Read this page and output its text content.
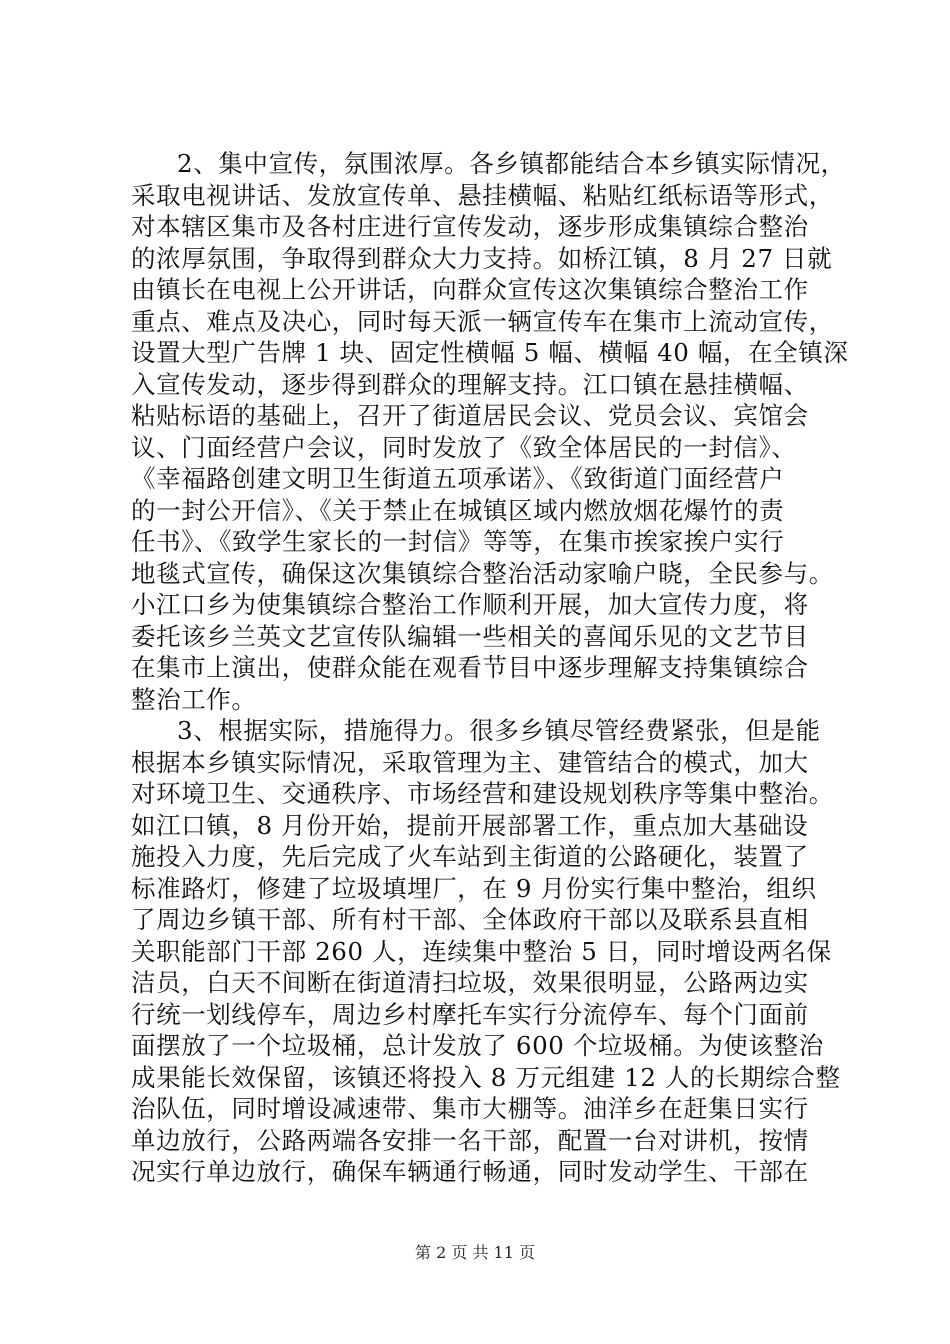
2、集中宣传，氛围浓厚。各乡镇都能结合本乡镇实际情况，
采取电视讲话、发放宣传单、悬挂横幅、粘贴红纸标语等形式，
对本辖区集市及各村庄进行宣传发动，逐步形成集镇综合整治
的浓厚氛围，争取得到群众大力支持。如桥江镇，8 月 27 日就
由镇长在电视上公开讲话，向群众宣传这次集镇综合整治工作
重点、难点及决心，同时每天派一辆宣传车在集市上流动宣传，
设置大型广告牌 1 块、固定性横幅 5 幅、横幅 40 幅，在全镇深
入宣传发动，逐步得到群众的理解支持。江口镇在悬挂横幅、
粘贴标语的基础上，召开了街道居民会议、党员会议、宾馆会
议、门面经营户会议，同时发放了《致全体居民的一封信》、
《幸福路创建文明卫生街道五项承诺》、《致街道门面经营户
的一封公开信》、《关于禁止在城镇区域内燃放烟花爆竹的责
任书》、《致学生家长的一封信》等等，在集市挨家挨户实行
地毯式宣传，确保这次集镇综合整治活动家喻户晓，全民参与。
小江口乡为使集镇综合整治工作顺利开展，加大宣传力度，将
委托该乡兰英文艺宣传队编辑一些相关的喜闻乐见的文艺节目
在集市上演出，使群众能在观看节目中逐步理解支持集镇综合
整治工作。
3、根据实际，措施得力。很多乡镇尽管经费紧张，但是能
根据本乡镇实际情况，采取管理为主、建管结合的模式，加大
对环境卫生、交通秩序、市场经营和建设规划秩序等集中整治。
如江口镇，8 月份开始，提前开展部署工作，重点加大基础设
施投入力度，先后完成了火车站到主街道的公路硬化，装置了
标准路灯，修建了垃圾填埋厂，在 9 月份实行集中整治，组织
了周边乡镇干部、所有村干部、全体政府干部以及联系县直相
关职能部门干部 260 人，连续集中整治 5 日，同时增设两名保
洁员，白天不间断在街道清扫垃圾，效果很明显，公路两边实
行统一划线停车，周边乡村摩托车实行分流停车、每个门面前
面摆放了一个垃圾桶，总计发放了 600 个垃圾桶。为使该整治
成果能长效保留，该镇还将投入 8 万元组建 12 人的长期综合整
治队伍，同时增设减速带、集市大棚等。油洋乡在赶集日实行
单边放行，公路两端各安排一名干部，配置一台对讲机，按情
况实行单边放行，确保车辆通行畅通，同时发动学生、干部在
第 2 页 共 11 页
